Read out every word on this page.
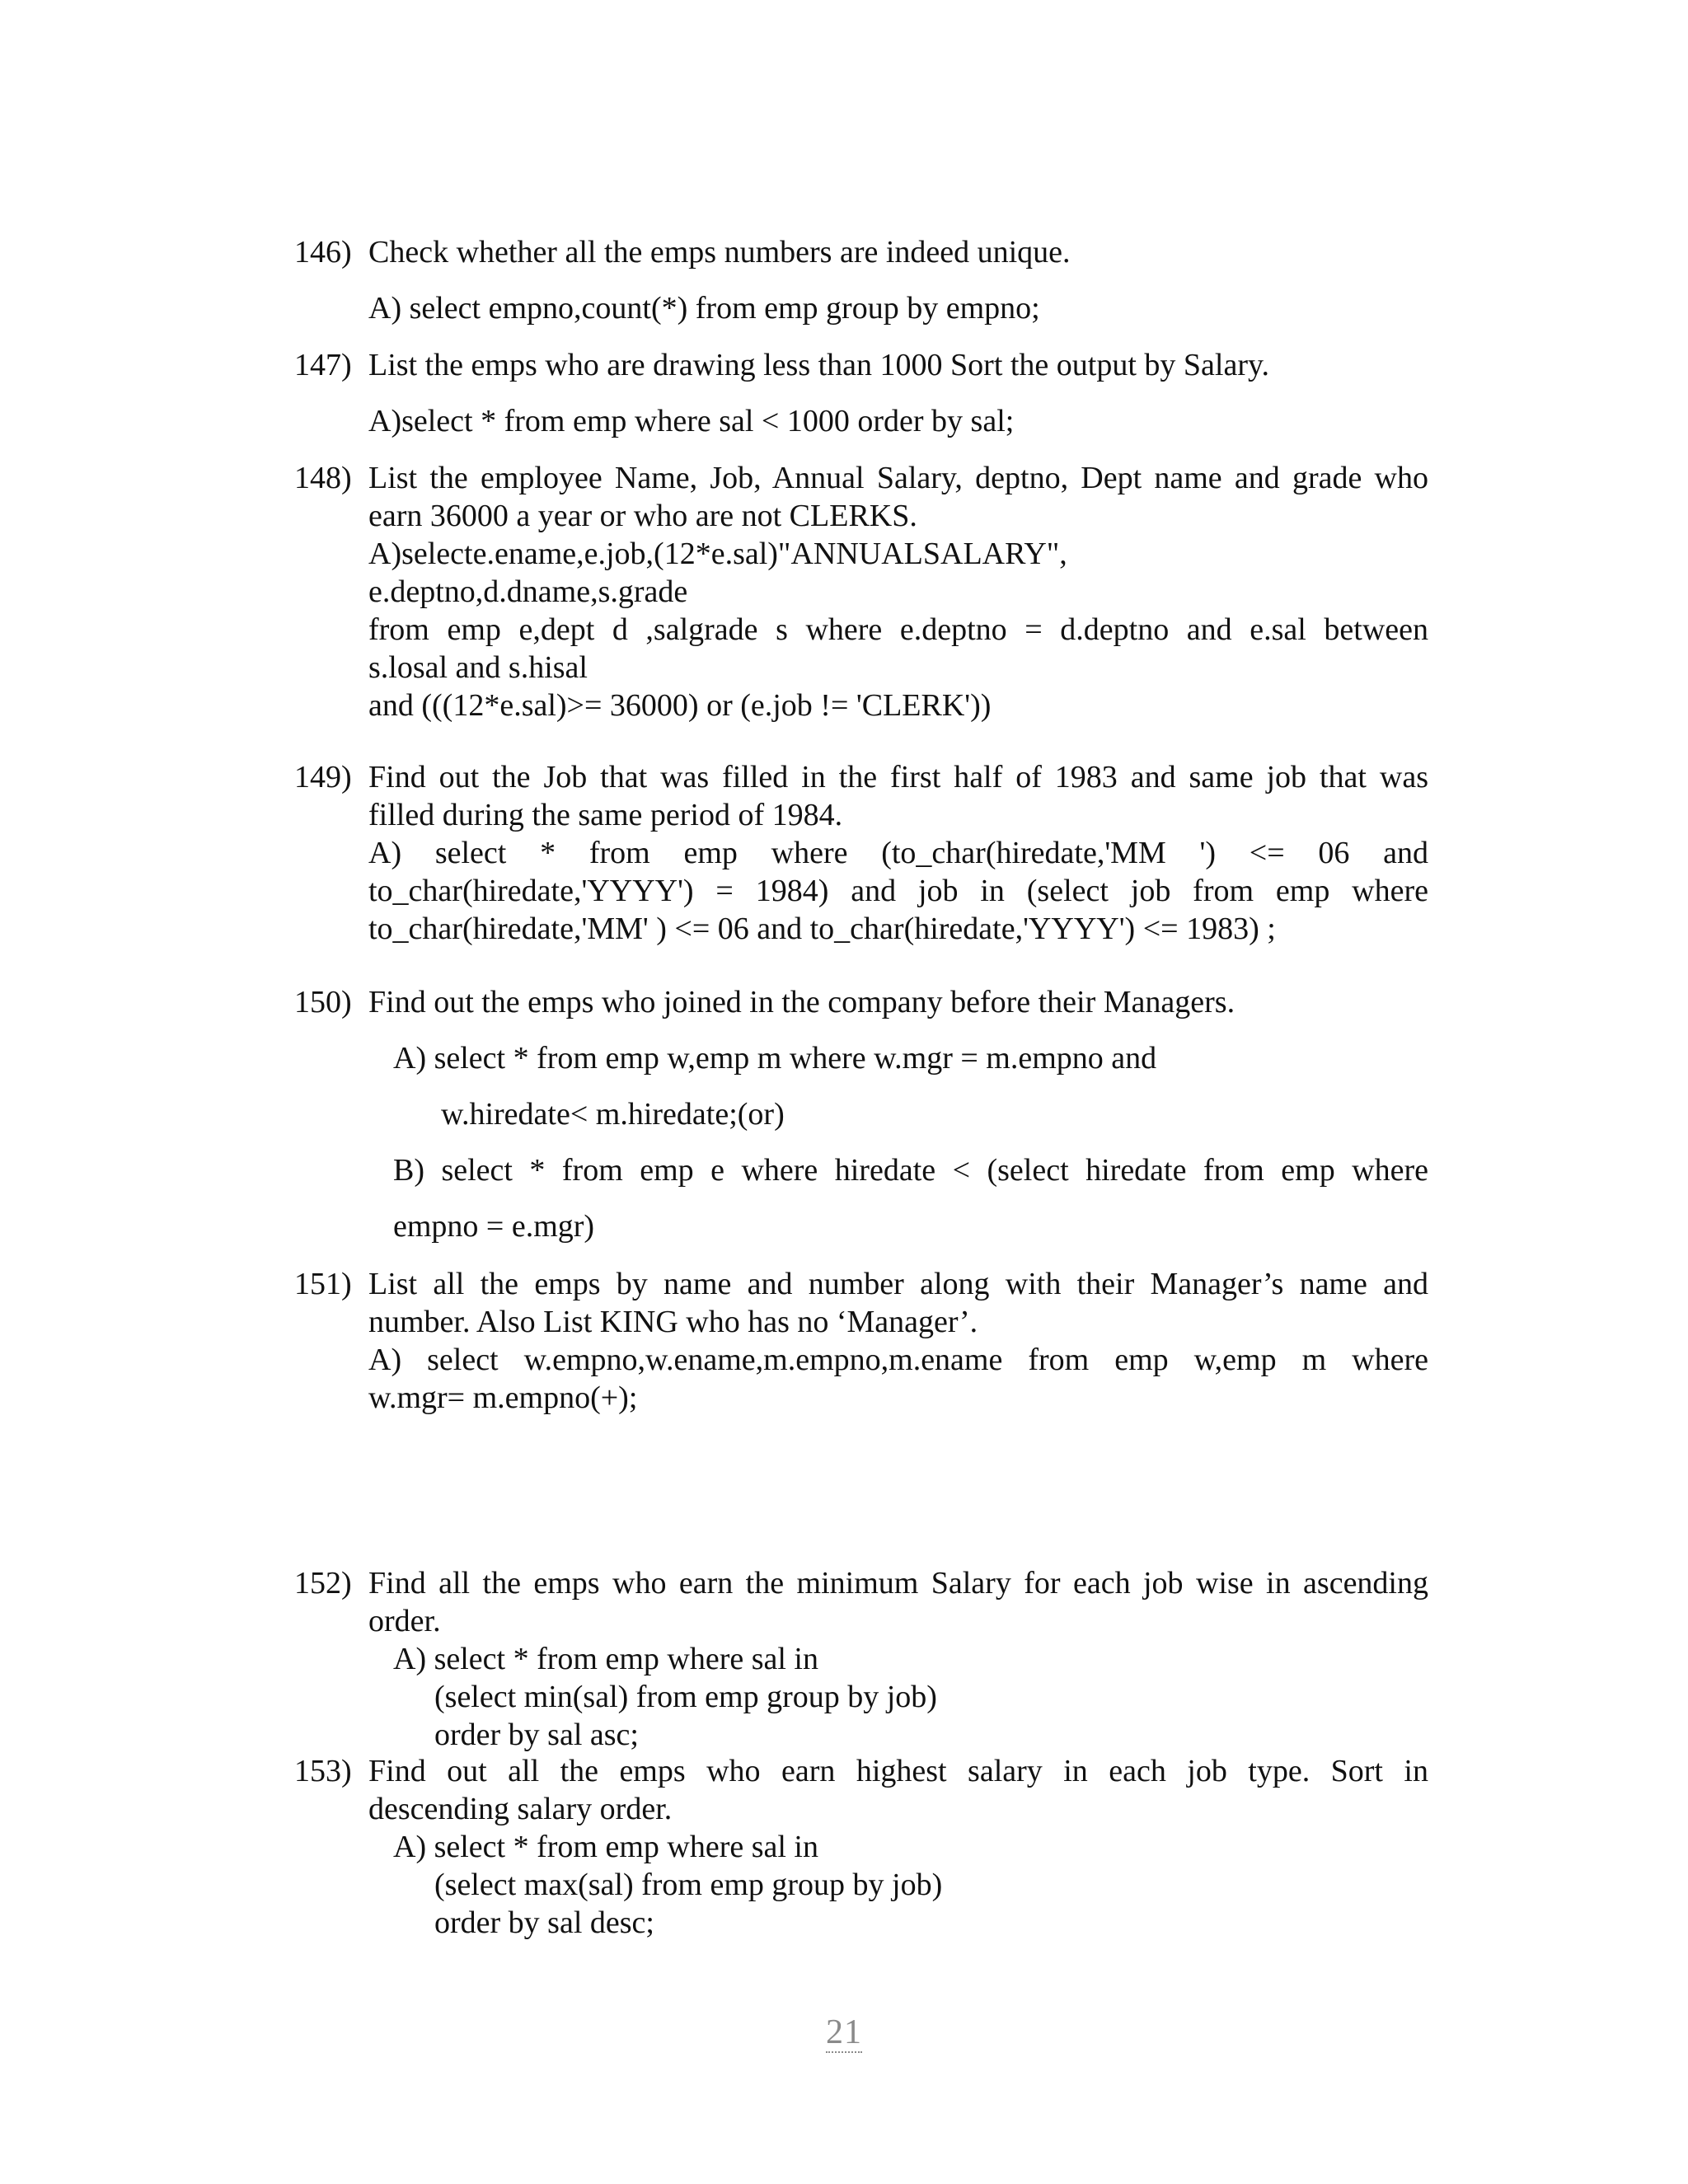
146) Check whether all the emps numbers are indeed unique.
A) select empno,count(*) from emp group by empno;
147) List the emps who are drawing less than 1000 Sort the output by Salary.
A)select * from emp where sal < 1000 order by sal;
148) List the employee Name, Job, Annual Salary, deptno, Dept name and grade who
earn 36000 a year or who are not CLERKS.
A)selecte.ename,e.job,(12*e.sal)"ANNUALSALARY",
e.deptno,d.dname,s.grade
from emp e,dept d ,salgrade s where e.deptno = d.deptno and e.sal between
s.losal and s.hisal
and (((12*e.sal)>= 36000) or (e.job != 'CLERK'))
149) Find out the Job that was filled in the first half of 1983 and same job that was
filled during the same period of 1984.
A) select * from emp where (to_char(hiredate,'MM ') <= 06 and
to_char(hiredate,'YYYY') = 1984) and job in (select job from emp where
to_char(hiredate,'MM' ) <= 06 and to_char(hiredate,'YYYY') <= 1983) ;
150) Find out the emps who joined in the company before their Managers.
A) select * from emp w,emp m where w.mgr = m.empno and
w.hiredate< m.hiredate;(or)
B) select * from emp e where hiredate < (select hiredate from emp where
empno = e.mgr)
151) List all the emps by name and number along with their Manager’s name and
number. Also List KING who has no ‘Manager’.
A) select w.empno,w.ename,m.empno,m.ename from emp w,emp m where
w.mgr= m.empno(+);
152) Find all the emps who earn the minimum Salary for each job wise in ascending
order.
A) select * from emp where sal in
(select min(sal) from emp group by job)
order by sal asc;
153) Find out all the emps who earn highest salary in each job type. Sort in
descending salary order.
A) select * from emp where sal in
(select max(sal) from emp group by job)
order by sal desc;
21
